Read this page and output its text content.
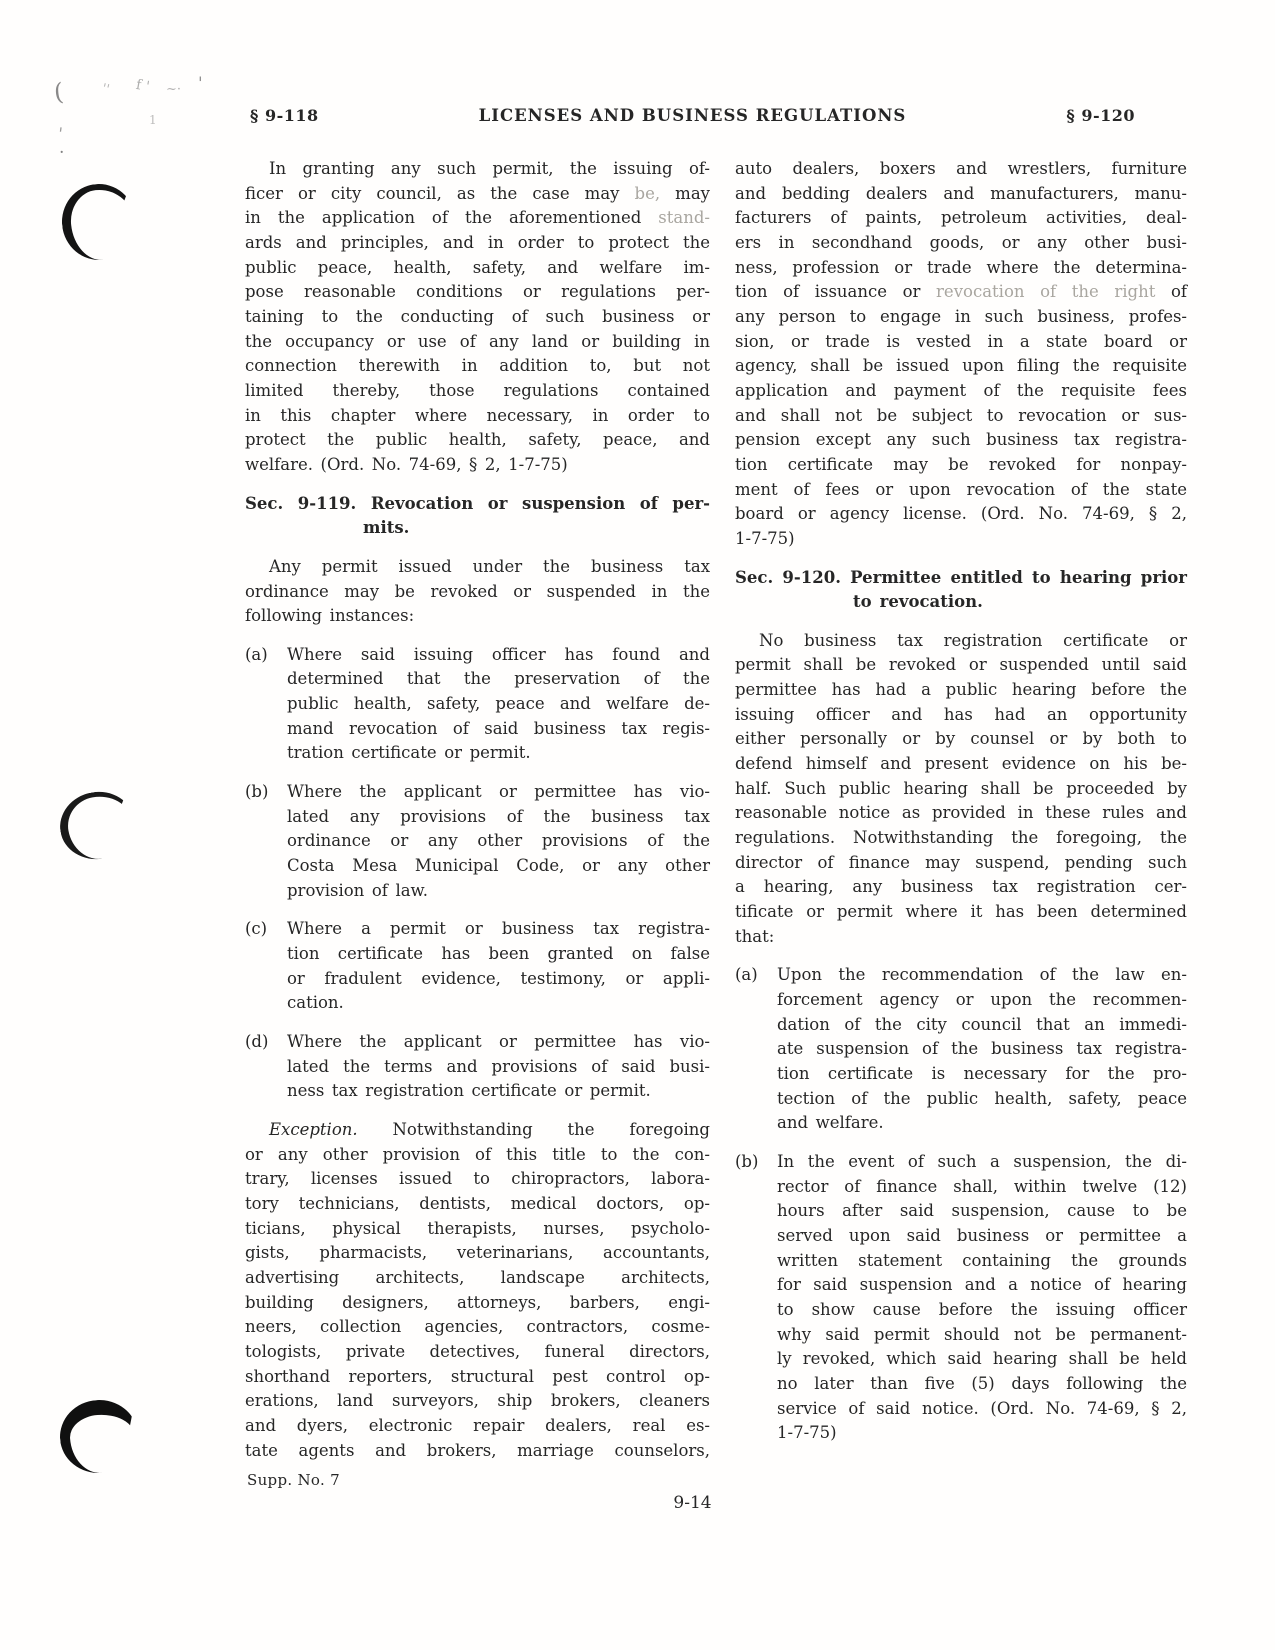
§ 9-118	LICENSES AND BUSINESS REGULATIONS	§ 9-120
In granting any such permit, the issuing of-
ficer or city council, as the case may be, may
in the application of the aforementioned stand-
ards and principles, and in order to protect the
public peace, health, safety, and welfare im-
pose reasonable conditions or regulations per-
taining to the conducting of such business or
the occupancy or use of any land or building in
connection therewith in addition to, but not
limited thereby, those regulations contained
in this chapter where necessary, in order to
protect the public health, safety, peace, and
welfare. (Ord. No. 74-69, § 2, 1-7-75)
Sec. 9-119. Revocation or suspension of per-
mits.
Any permit issued under the business tax
ordinance may be revoked or suspended in the
following instances:
(a) Where said issuing officer has found and
determined that the preservation of the
public health, safety, peace and welfare de-
mand revocation of said business tax regis-
tration certificate or permit.
(b) Where the applicant or permittee has vio-
lated any provisions of the business tax
ordinance or any other provisions of the
Costa Mesa Municipal Code, or any other
provision of law.
(c) Where a permit or business tax registra-
tion certificate has been granted on false
or fradulent evidence, testimony, or appli-
cation.
(d) Where the applicant or permittee has vio-
lated the terms and provisions of said busi-
ness tax registration certificate or permit.
Exception. Notwithstanding the foregoing
or any other provision of this title to the con-
trary, licenses issued to chiropractors, labora-
tory technicians, dentists, medical doctors, op-
ticians, physical therapists, nurses, psycholo-
gists, pharmacists, veterinarians, accountants,
advertising architects, landscape architects,
building designers, attorneys, barbers, engi-
neers, collection agencies, contractors, cosme-
tologists, private detectives, funeral directors,
shorthand reporters, structural pest control op-
erations, land surveyors, ship brokers, cleaners
and dyers, electronic repair dealers, real es-
tate agents and brokers, marriage counselors,
auto dealers, boxers and wrestlers, furniture
and bedding dealers and manufacturers, manu-
facturers of paints, petroleum activities, deal-
ers in secondhand goods, or any other busi-
ness, profession or trade where the determina-
tion of issuance or revocation of the right of
any person to engage in such business, profes-
sion, or trade is vested in a state board or
agency, shall be issued upon filing the requisite
application and payment of the requisite fees
and shall not be subject to revocation or sus-
pension except any such business tax registra-
tion certificate may be revoked for nonpay-
ment of fees or upon revocation of the state
board or agency license. (Ord. No. 74-69, § 2,
1-7-75)
Sec. 9-120. Permittee entitled to hearing prior
to revocation.
No business tax registration certificate or
permit shall be revoked or suspended until said
permittee has had a public hearing before the
issuing officer and has had an opportunity
either personally or by counsel or by both to
defend himself and present evidence on his be-
half. Such public hearing shall be proceeded by
reasonable notice as provided in these rules and
regulations. Notwithstanding the foregoing, the
director of finance may suspend, pending such
a hearing, any business tax registration cer-
tificate or permit where it has been determined
that:
(a) Upon the recommendation of the law en-
forcement agency or upon the recommen-
dation of the city council that an immedi-
ate suspension of the business tax registra-
tion certificate is necessary for the pro-
tection of the public health, safety, peace
and welfare.
(b) In the event of such a suspension, the di-
rector of finance shall, within twelve (12)
hours after said suspension, cause to be
served upon said business or permittee a
written statement containing the grounds
for said suspension and a notice of hearing
to show cause before the issuing officer
why said permit should not be permanent-
ly revoked, which said hearing shall be held
no later than five (5) days following the
service of said notice. (Ord. No. 74-69, § 2,
1-7-75)
Supp. No. 7
9-14
(	'' f ' ~· '
1
'
.
